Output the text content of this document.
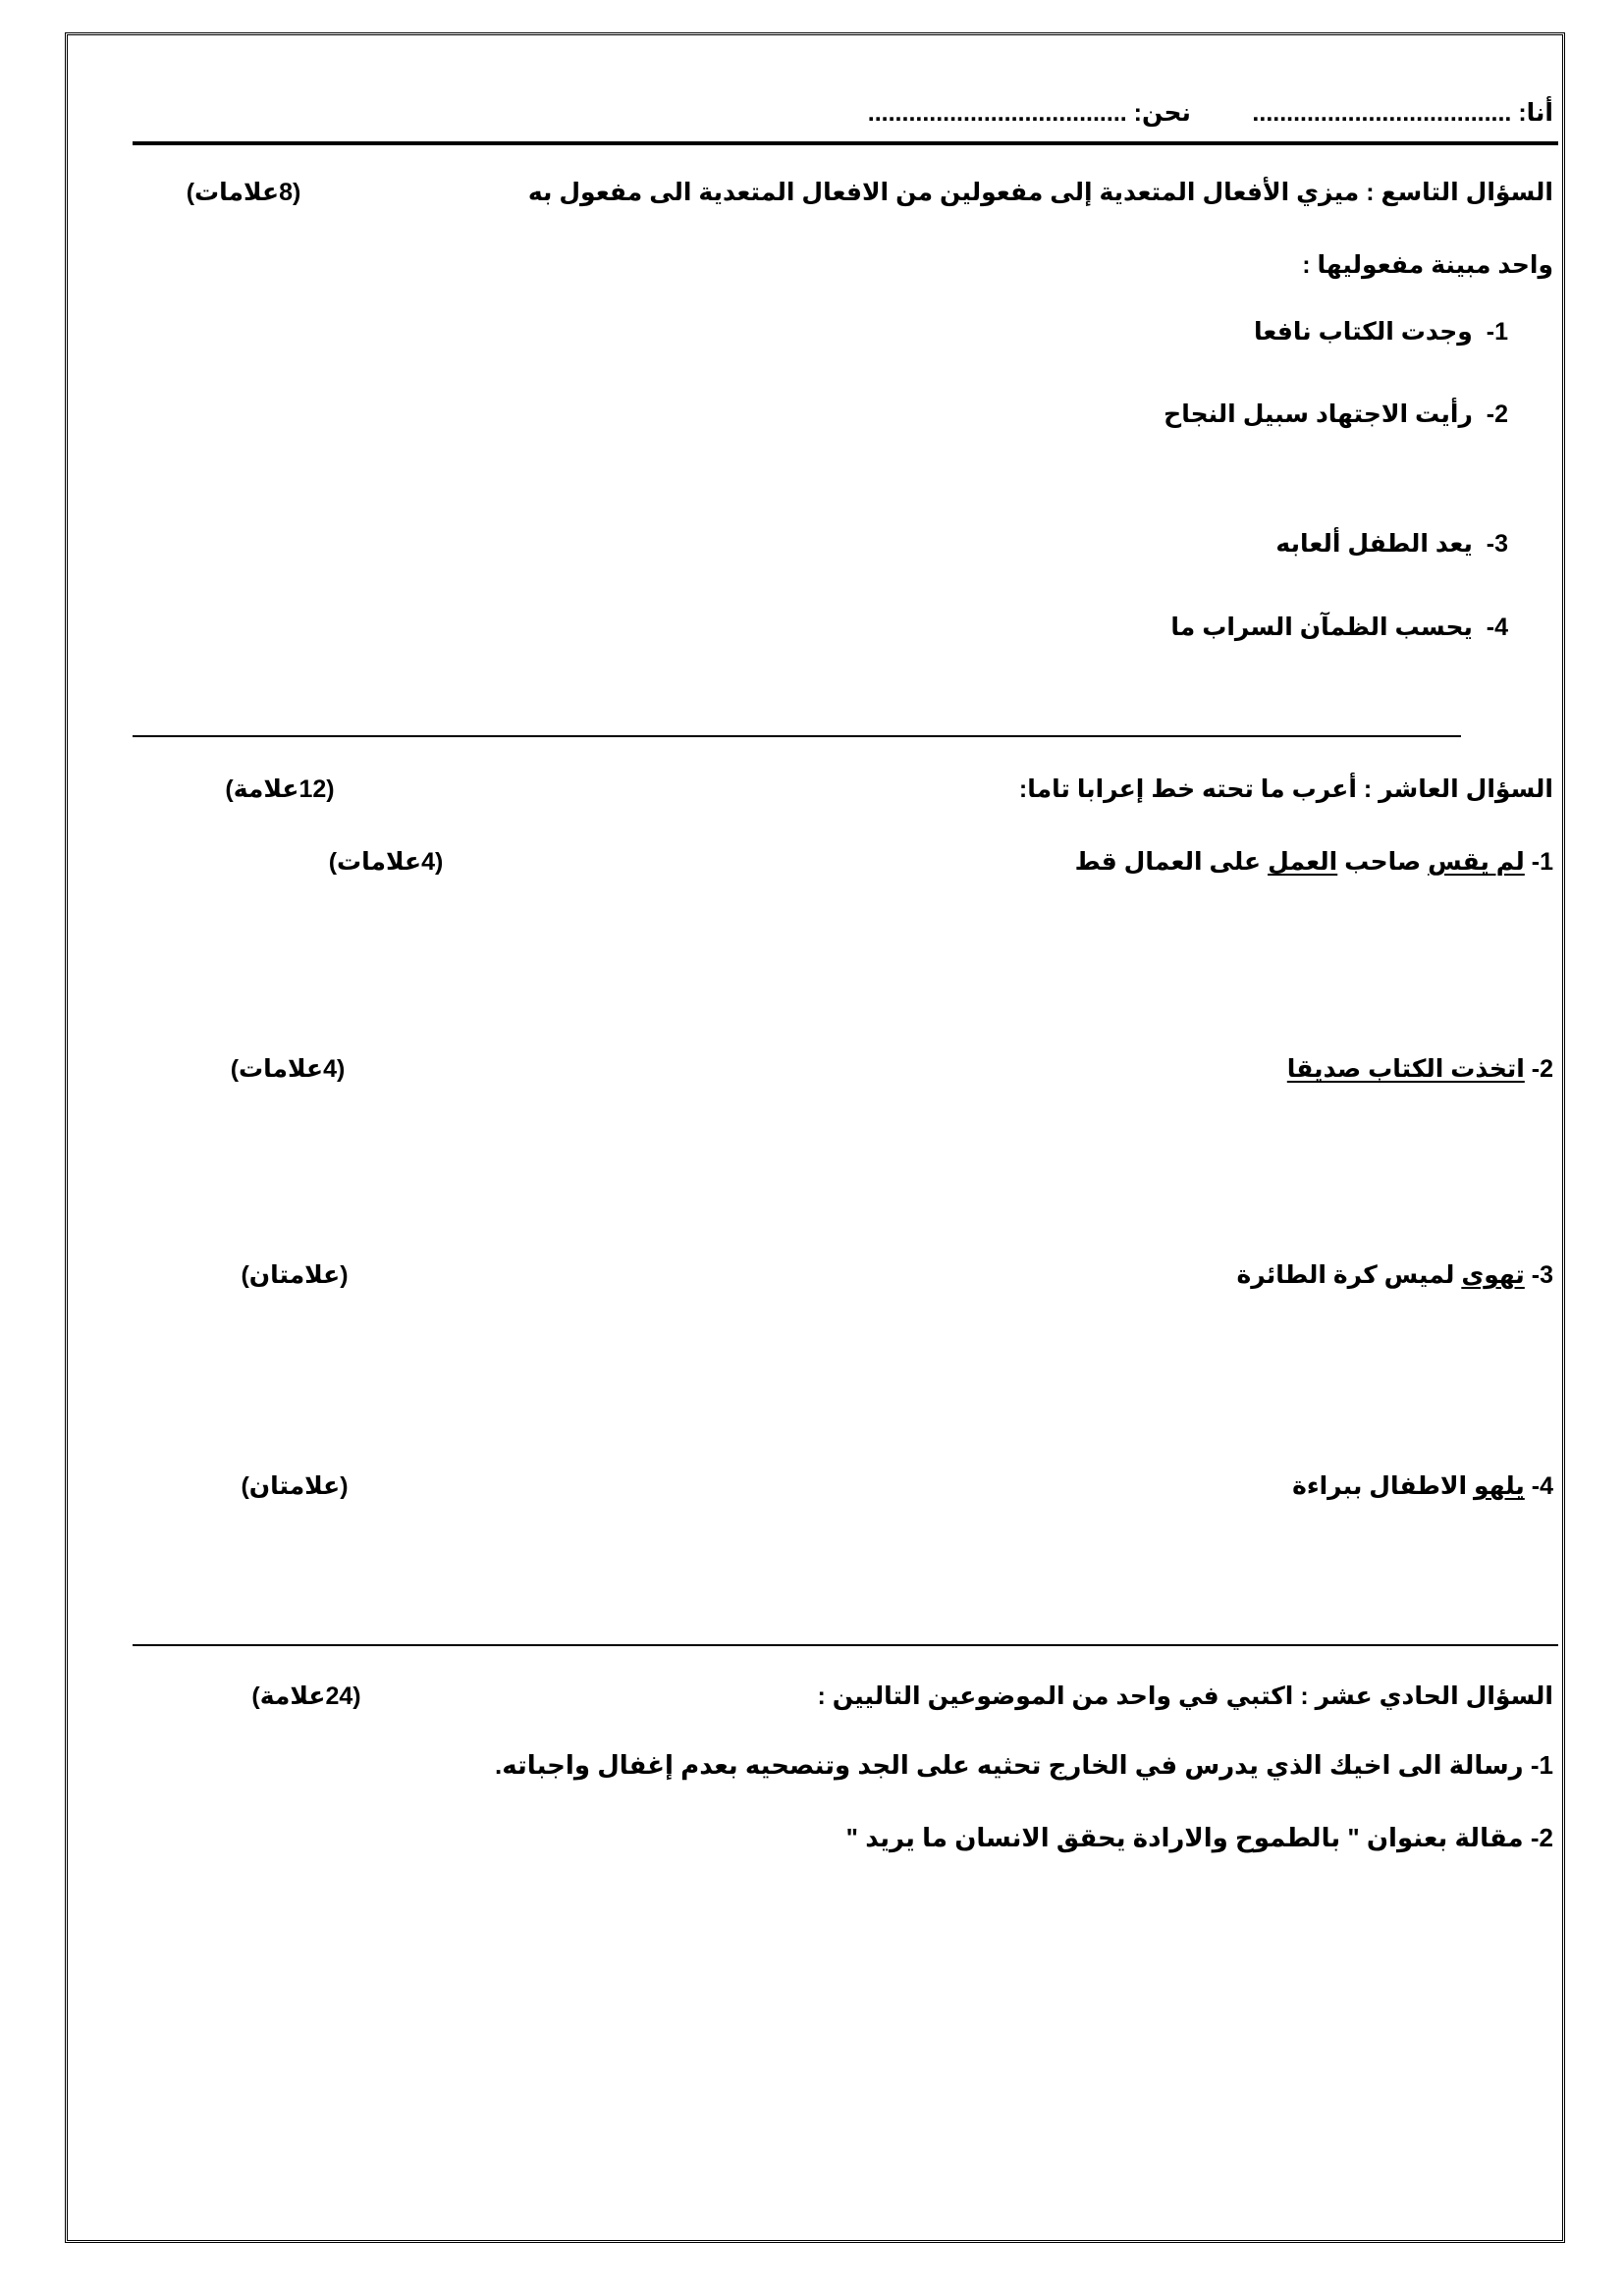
أنا: ......................................         نحن: ......................................
السؤال التاسع : ميزي الأفعال المتعدية إلى مفعولين من الافعال المتعدية الى مفعول به
(8علامات)
واحد مبينة مفعوليها :
1-  وجدت الكتاب نافعا
2-  رأيت الاجتهاد سبيل النجاح
3-  يعد الطفل ألعابه
4-  يحسب الظمآن السراب ما
السؤال العاشر : أعرب ما تحته خط إعرابا تاما:
(12علامة)
1- لم يقس صاحب العمل على العمال قط
(4علامات)
2- اتخذت الكتاب صديقا
(4علامات)
3- تهوى لميس كرة الطائرة
(علامتان)
4- يلهو الاطفال ببراءة
(علامتان)
السؤال الحادي عشر : اكتبي في واحد من الموضوعين التاليين :
(24علامة)
1- رسالة الى اخيك الذي يدرس في الخارج تحثيه على الجد وتنصحيه بعدم إغفال واجباته.
2- مقالة بعنوان " بالطموح والارادة يحقق الانسان ما يريد "
